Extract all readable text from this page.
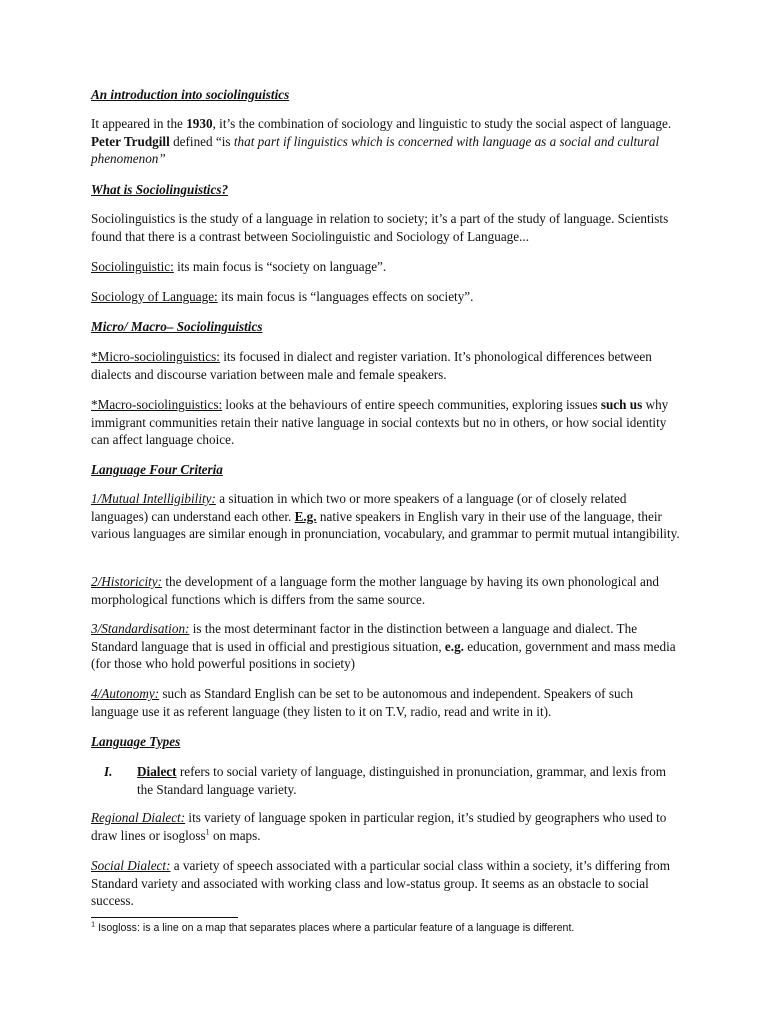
An introduction into sociolinguistics

It appeared in the 1930, it’s the combination of sociology and linguistic to study the social aspect of language. Peter Trudgill defined “is that part if linguistics which is concerned with language as a social and cultural phenomenon”

What is Sociolinguistics?

Sociolinguistics is the study of a language in relation to society; it’s a part of the study of language. Scientists found that there is a contrast between Sociolinguistic and Sociology of Language...

Sociolinguistic: its main focus is “society on language”.

Sociology of Language: its main focus is “languages effects on society”.

Micro/ Macro– Sociolinguistics

*Micro-sociolinguistics: its focused in dialect and register variation. It’s phonological differences between dialects and discourse variation between male and female speakers.

*Macro-sociolinguistics: looks at the behaviours of entire speech communities, exploring issues such us why immigrant communities retain their native language in social contexts but no in others, or how social identity can affect language choice.

Language Four Criteria

1/Mutual Intelligibility: a situation in which two or more speakers of a language (or of closely related languages) can understand each other. E.g. native speakers in English vary in their use of the language, their various languages are similar enough in pronunciation, vocabulary, and grammar to permit mutual intangibility.

2/Historicity: the development of a language form the mother language by having its own phonological and morphological functions which is differs from the same source.

3/Standardisation: is the most determinant factor in the distinction between a language and dialect. The Standard language that is used in official and prestigious situation, e.g. education, government and mass media (for those who hold powerful positions in society)

4/Autonomy: such as Standard English can be set to be autonomous and independent. Speakers of such language use it as referent language (they listen to it on T.V, radio, read and write in it).

Language Types

I. Dialect refers to social variety of language, distinguished in pronunciation, grammar, and lexis from the Standard language variety.

Regional Dialect: its variety of language spoken in particular region, it’s studied by geographers who used to draw lines or isogloss$^1$ on maps.

Social Dialect: a variety of speech associated with a particular social class within a society, it’s differing from Standard variety and associated with working class and low-status group. It seems as an obstacle to social success.

$^1$ Isogloss: is a line on a map that separates places where a particular feature of a language is different.
